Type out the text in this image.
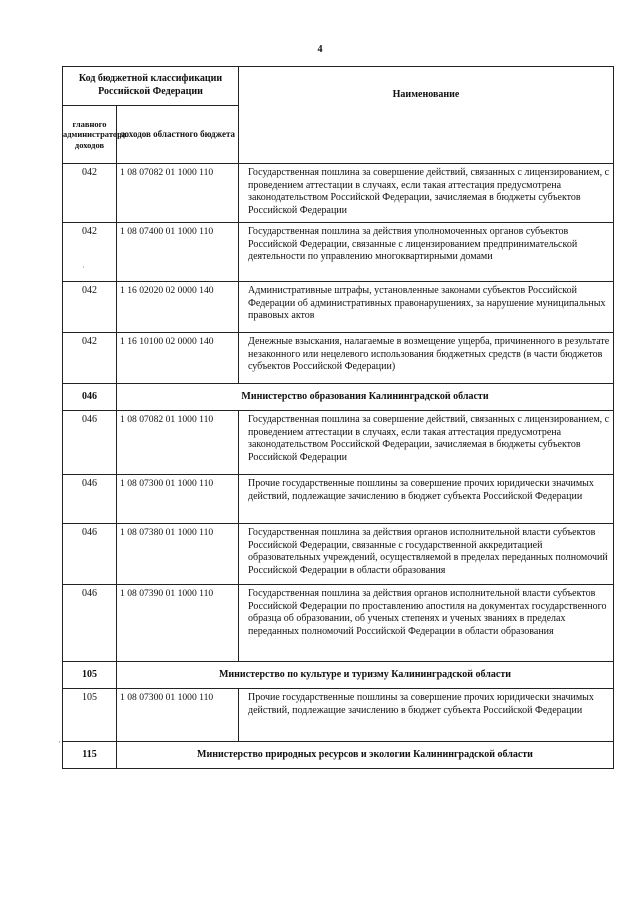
4
Код бюджетной классификации Российской Федерации		Наименование
главного администратора доходов	доходов областного бюджета	
042	1 08 07082 01 1000 110	Государственная пошлина за совершение действий, связанных с лицензированием, с проведением аттестации в случаях, если такая аттестация предусмотрена законодательством Российской Федерации, зачисляемая в бюджеты субъектов Российской Федерации
042	1 08 07400 01 1000 110	Государственная пошлина за действия уполномоченных органов субъектов Российской Федерации, связанные с лицензированием предпринимательской деятельности по управлению многоквартирными домами
042	1 16 02020 02 0000 140	Административные штрафы, установленные законами субъектов Российской Федерации об административных правонарушениях, за нарушение муниципальных правовых актов
042	1 16 10100 02 0000 140	Денежные взыскания, налагаемые в возмещение ущерба, причиненного в результате незаконного или нецелевого использования бюджетных средств (в части бюджетов субъектов Российской Федерации)
046	Министерство образования Калининградской области	
046	1 08 07082 01 1000 110	Государственная пошлина за совершение действий, связанных с лицензированием, с проведением аттестации в случаях, если такая аттестация предусмотрена законодательством Российской Федерации, зачисляемая в бюджеты субъектов Российской Федерации
046	1 08 07300 01 1000 110	Прочие государственные пошлины за совершение прочих юридически значимых действий, подлежащие зачислению в бюджет субъекта Российской Федерации
046	1 08 07380 01 1000 110	Государственная пошлина за действия органов исполнительной власти субъектов Российской Федерации, связанные с государственной аккредитацией образовательных учреждений, осуществляемой в пределах переданных полномочий Российской Федерации в области образования
046	1 08 07390 01 1000 110	Государственная пошлина за действия органов исполнительной власти субъектов Российской Федерации по проставлению апостиля на документах государственного образца об образовании, об ученых степенях и ученых званиях в пределах переданных полномочий Российской Федерации в области образования
105	Министерство по культуре и туризму Калининградской области	
105	1 08 07300 01 1000 110	Прочие государственные пошлины за совершение прочих юридически значимых действий, подлежащие зачислению в бюджет субъекта Российской Федерации
115	Министерство природных ресурсов и экологии Калининградской области	
·
·
